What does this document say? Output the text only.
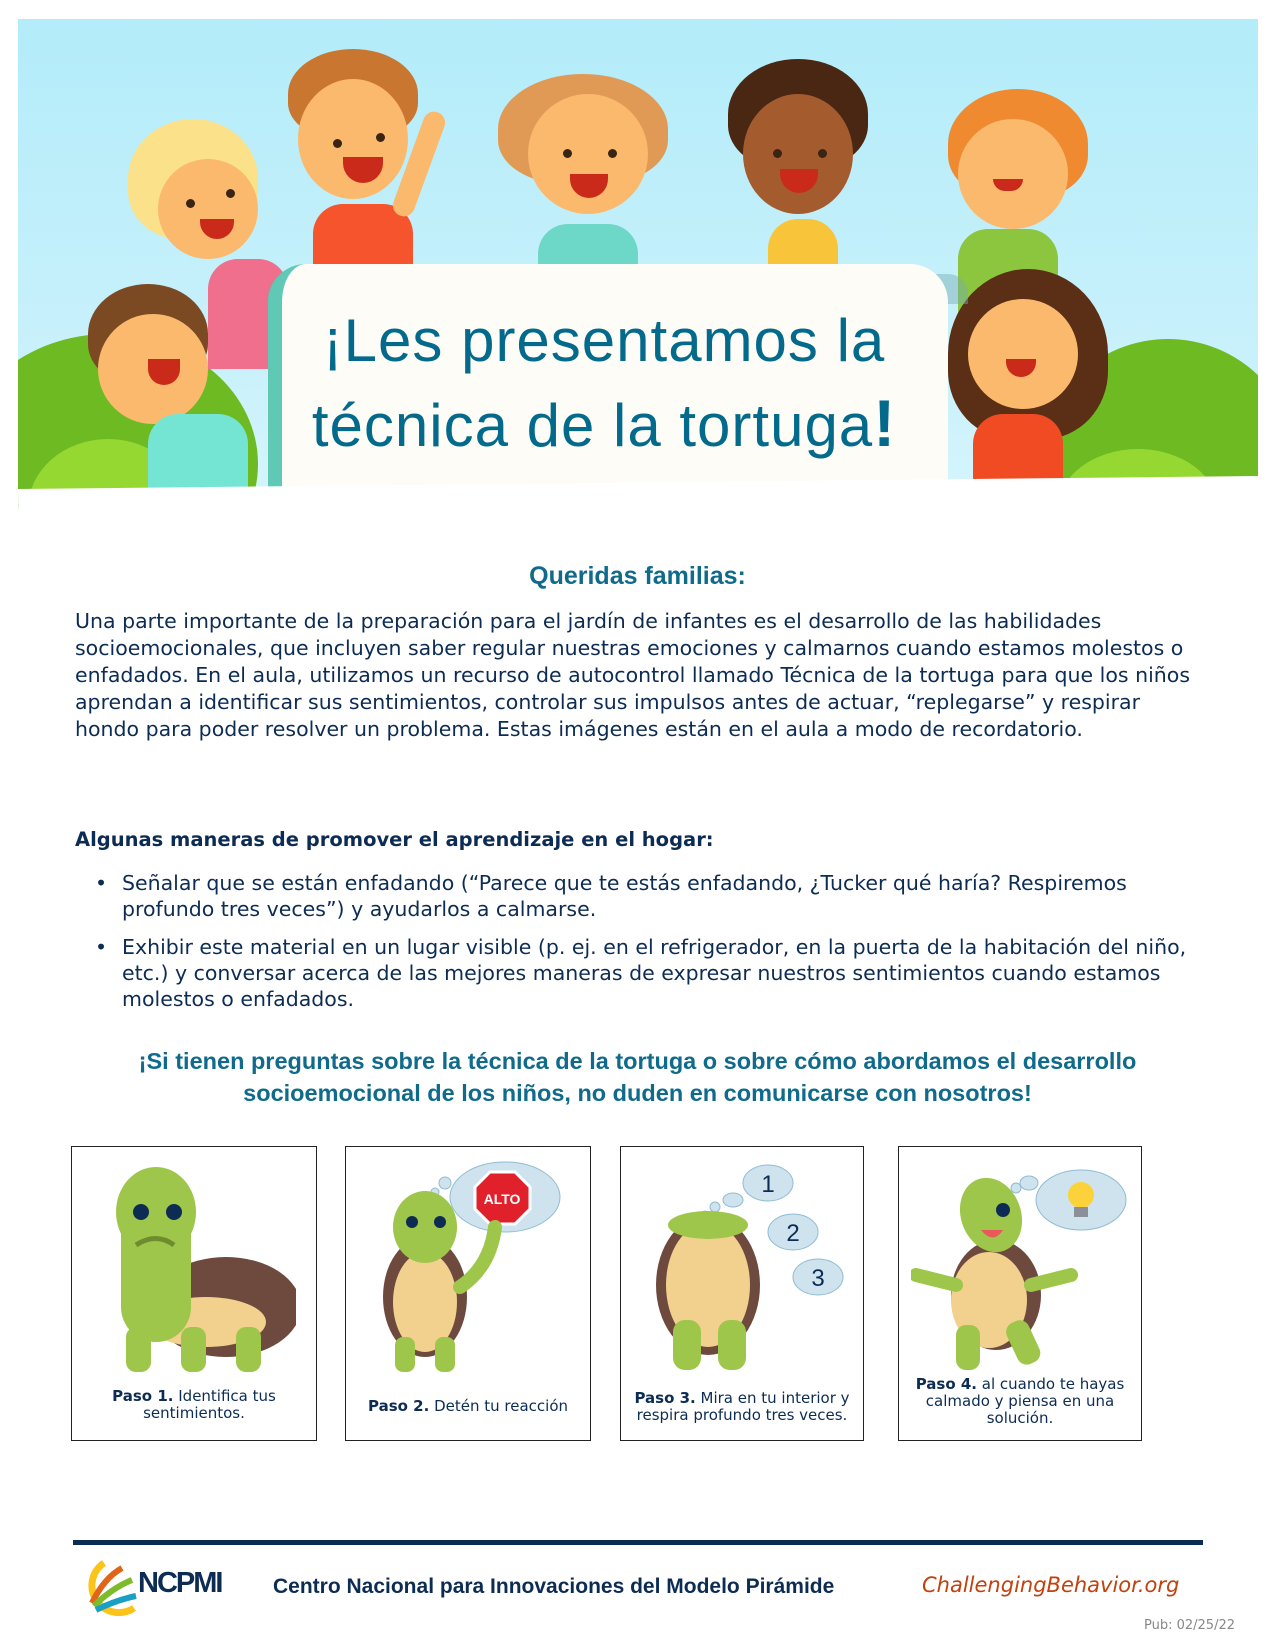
¡Les presentamos la
técnica de la tortuga!
Queridas familias:

Una parte importante de la preparación para el jardín de infantes es el desarrollo de las habilidades socioemocionales, que incluyen saber regular nuestras emociones y calmarnos cuando estamos molestos o enfadados. En el aula, utilizamos un recurso de autocontrol llamado Técnica de la tortuga para que los niños aprendan a identificar sus sentimientos, controlar sus impulsos antes de actuar, “replegarse” y respirar hondo para poder resolver un problema. Estas imágenes están en el aula a modo de recordatorio.

Algunas maneras de promover el aprendizaje en el hogar:
• Señalar que se están enfadando (“Parece que te estás enfadando, ¿Tucker qué haría? Respiremos profundo tres veces”) y ayudarlos a calmarse.
• Exhibir este material en un lugar visible (p. ej. en el refrigerador, en la puerta de la habitación del niño, etc.) y conversar acerca de las mejores maneras de expresar nuestros sentimientos cuando estamos molestos o enfadados.

¡Si tienen preguntas sobre la técnica de la tortuga o sobre cómo abordamos el desarrollo socioemocional de los niños, no duden en comunicarse con nosotros!

Paso 1. Identifica tus sentimientos.
ALTO
Paso 2. Detén tu reacción
1
2
3
Paso 3. Mira en tu interior y respira profundo tres veces.
Paso 4. al cuando te hayas calmado y piensa en una solución.
NCPMI Centro Nacional para Innovaciones del Modelo Pirámide	ChallengingBehavior.org
Pub: 02/25/22
